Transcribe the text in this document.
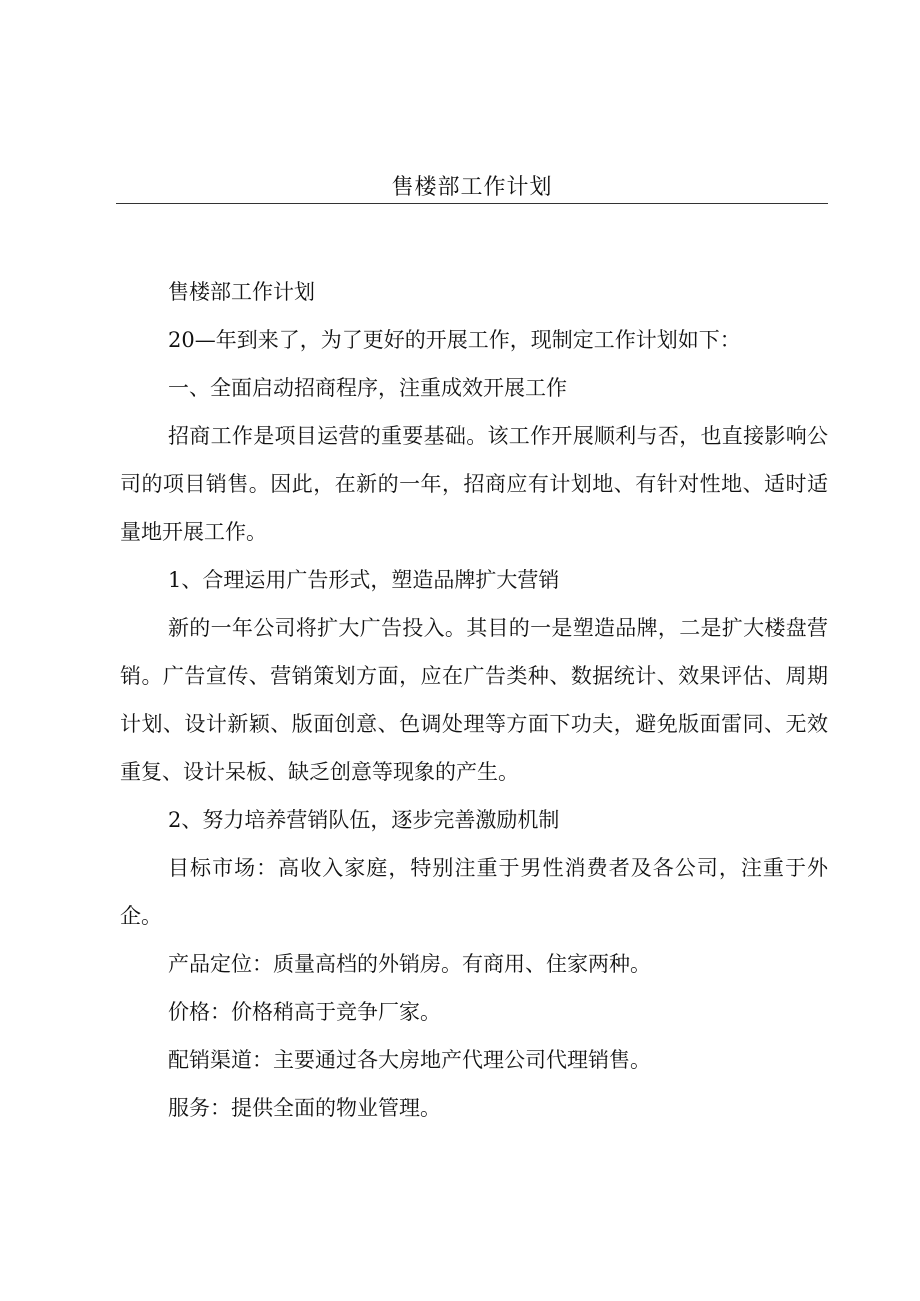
售楼部工作计划

售楼部工作计划

20—年到来了，为了更好的开展工作，现制定工作计划如下：

一、全面启动招商程序，注重成效开展工作

招商工作是项目运营的重要基础。该工作开展顺利与否，也直接影响公司的项目销售。因此，在新的一年，招商应有计划地、有针对性地、适时适量地开展工作。

1、合理运用广告形式，塑造品牌扩大营销

新的一年公司将扩大广告投入。其目的一是塑造品牌，二是扩大楼盘营销。广告宣传、营销策划方面，应在广告类种、数据统计、效果评估、周期计划、设计新颖、版面创意、色调处理等方面下功夫，避免版面雷同、无效重复、设计呆板、缺乏创意等现象的产生。

2、努力培养营销队伍，逐步完善激励机制

目标市场：高收入家庭，特别注重于男性消费者及各公司，注重于外企。

产品定位：质量高档的外销房。有商用、住家两种。

价格：价格稍高于竞争厂家。

配销渠道：主要通过各大房地产代理公司代理销售。

服务：提供全面的物业管理。
